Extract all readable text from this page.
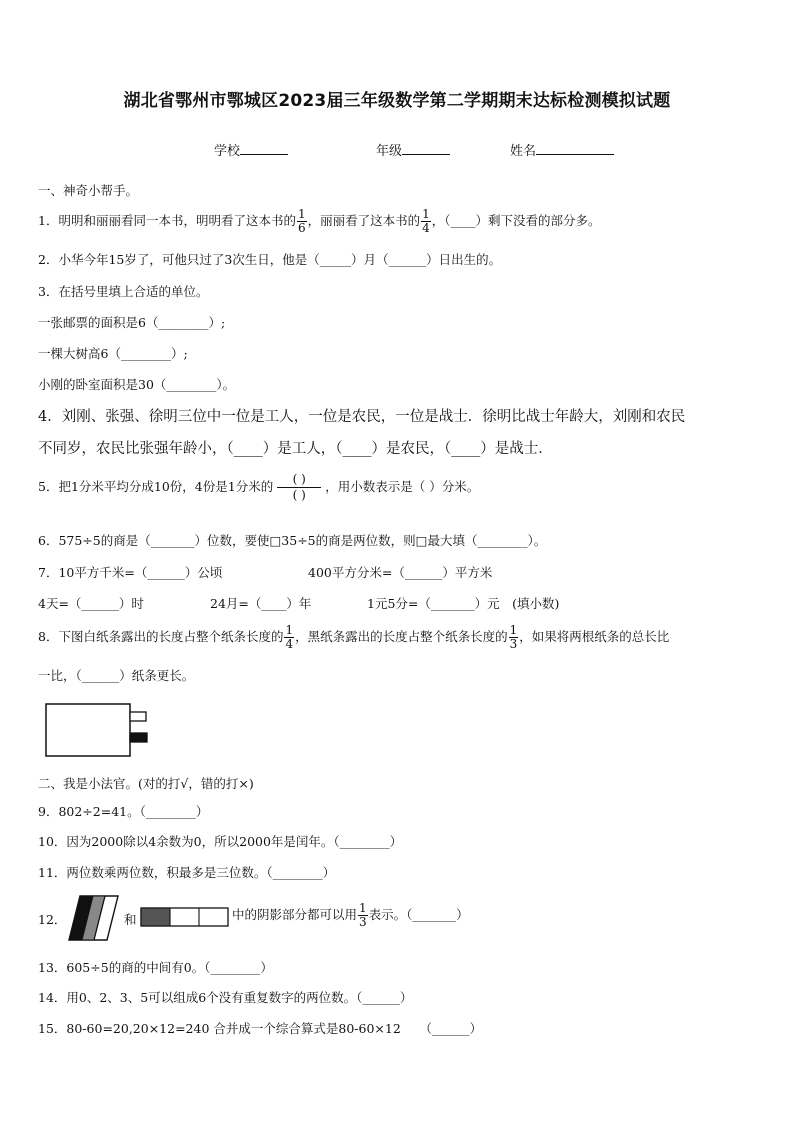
湖北省鄂州市鄂城区2023届三年级数学第二学期期末达标检测模拟试题
学校	年级	姓名
一、神奇小帮手。
1．明明和丽丽看同一本书，明明看了这本书的 $\frac{1}{6}$ ，丽丽看了这本书的 $\frac{1}{4}$ ，（____）剩下没看的部分多。
2．小华今年15岁了，可他只过了3次生日，他是（_____）月（______）日出生的。
3．在括号里填上合适的单位。
一张邮票的面积是6（________）;
一棵大树高6（________）;
小刚的卧室面积是30（________）。
4．刘刚、张强、徐明三位中一位是工人，一位是农民，一位是战士．徐明比战士年龄大，刘刚和农民
不同岁，农民比张强年龄小，（____）是工人，（____）是农民，（____）是战士．
5．把1分米平均分成10份，4份是1分米的	( )
( )
，用小数表示是（ ）分米。
6．575÷5的商是（_______）位数，要使□35÷5的商是两位数，则□最大填（________）。
7．10平方千米=（______）公顷	400平方分米=（______）平方米
4天=（______）时	24月=（____）年	1元5分=（_______）元　(填小数)
8．下图白纸条露出的长度占整个纸条长度的 $\frac{1}{4}$ ，黑纸条露出的长度占整个纸条长度的 $\frac{1}{3}$ ，如果将两根纸条的总长比
一比，（______）纸条更长。
二、我是小法官。(对的打√，错的打×)
9．802÷2=41。（________）
10．因为2000除以4余数为0，所以2000年是闰年。（________）
11．两位数乘两位数，积最多是三位数。（________）
12．	和	中的阴影部分都可以用 $\frac{1}{3}$ 表示。（_______）
13．605÷5的商的中间有0。（________）
14．用0、2、3、5可以组成6个没有重复数字的两位数。（______）
15．80-60=20,20×12=240 合并成一个综合算式是80-60×12　　（______）
